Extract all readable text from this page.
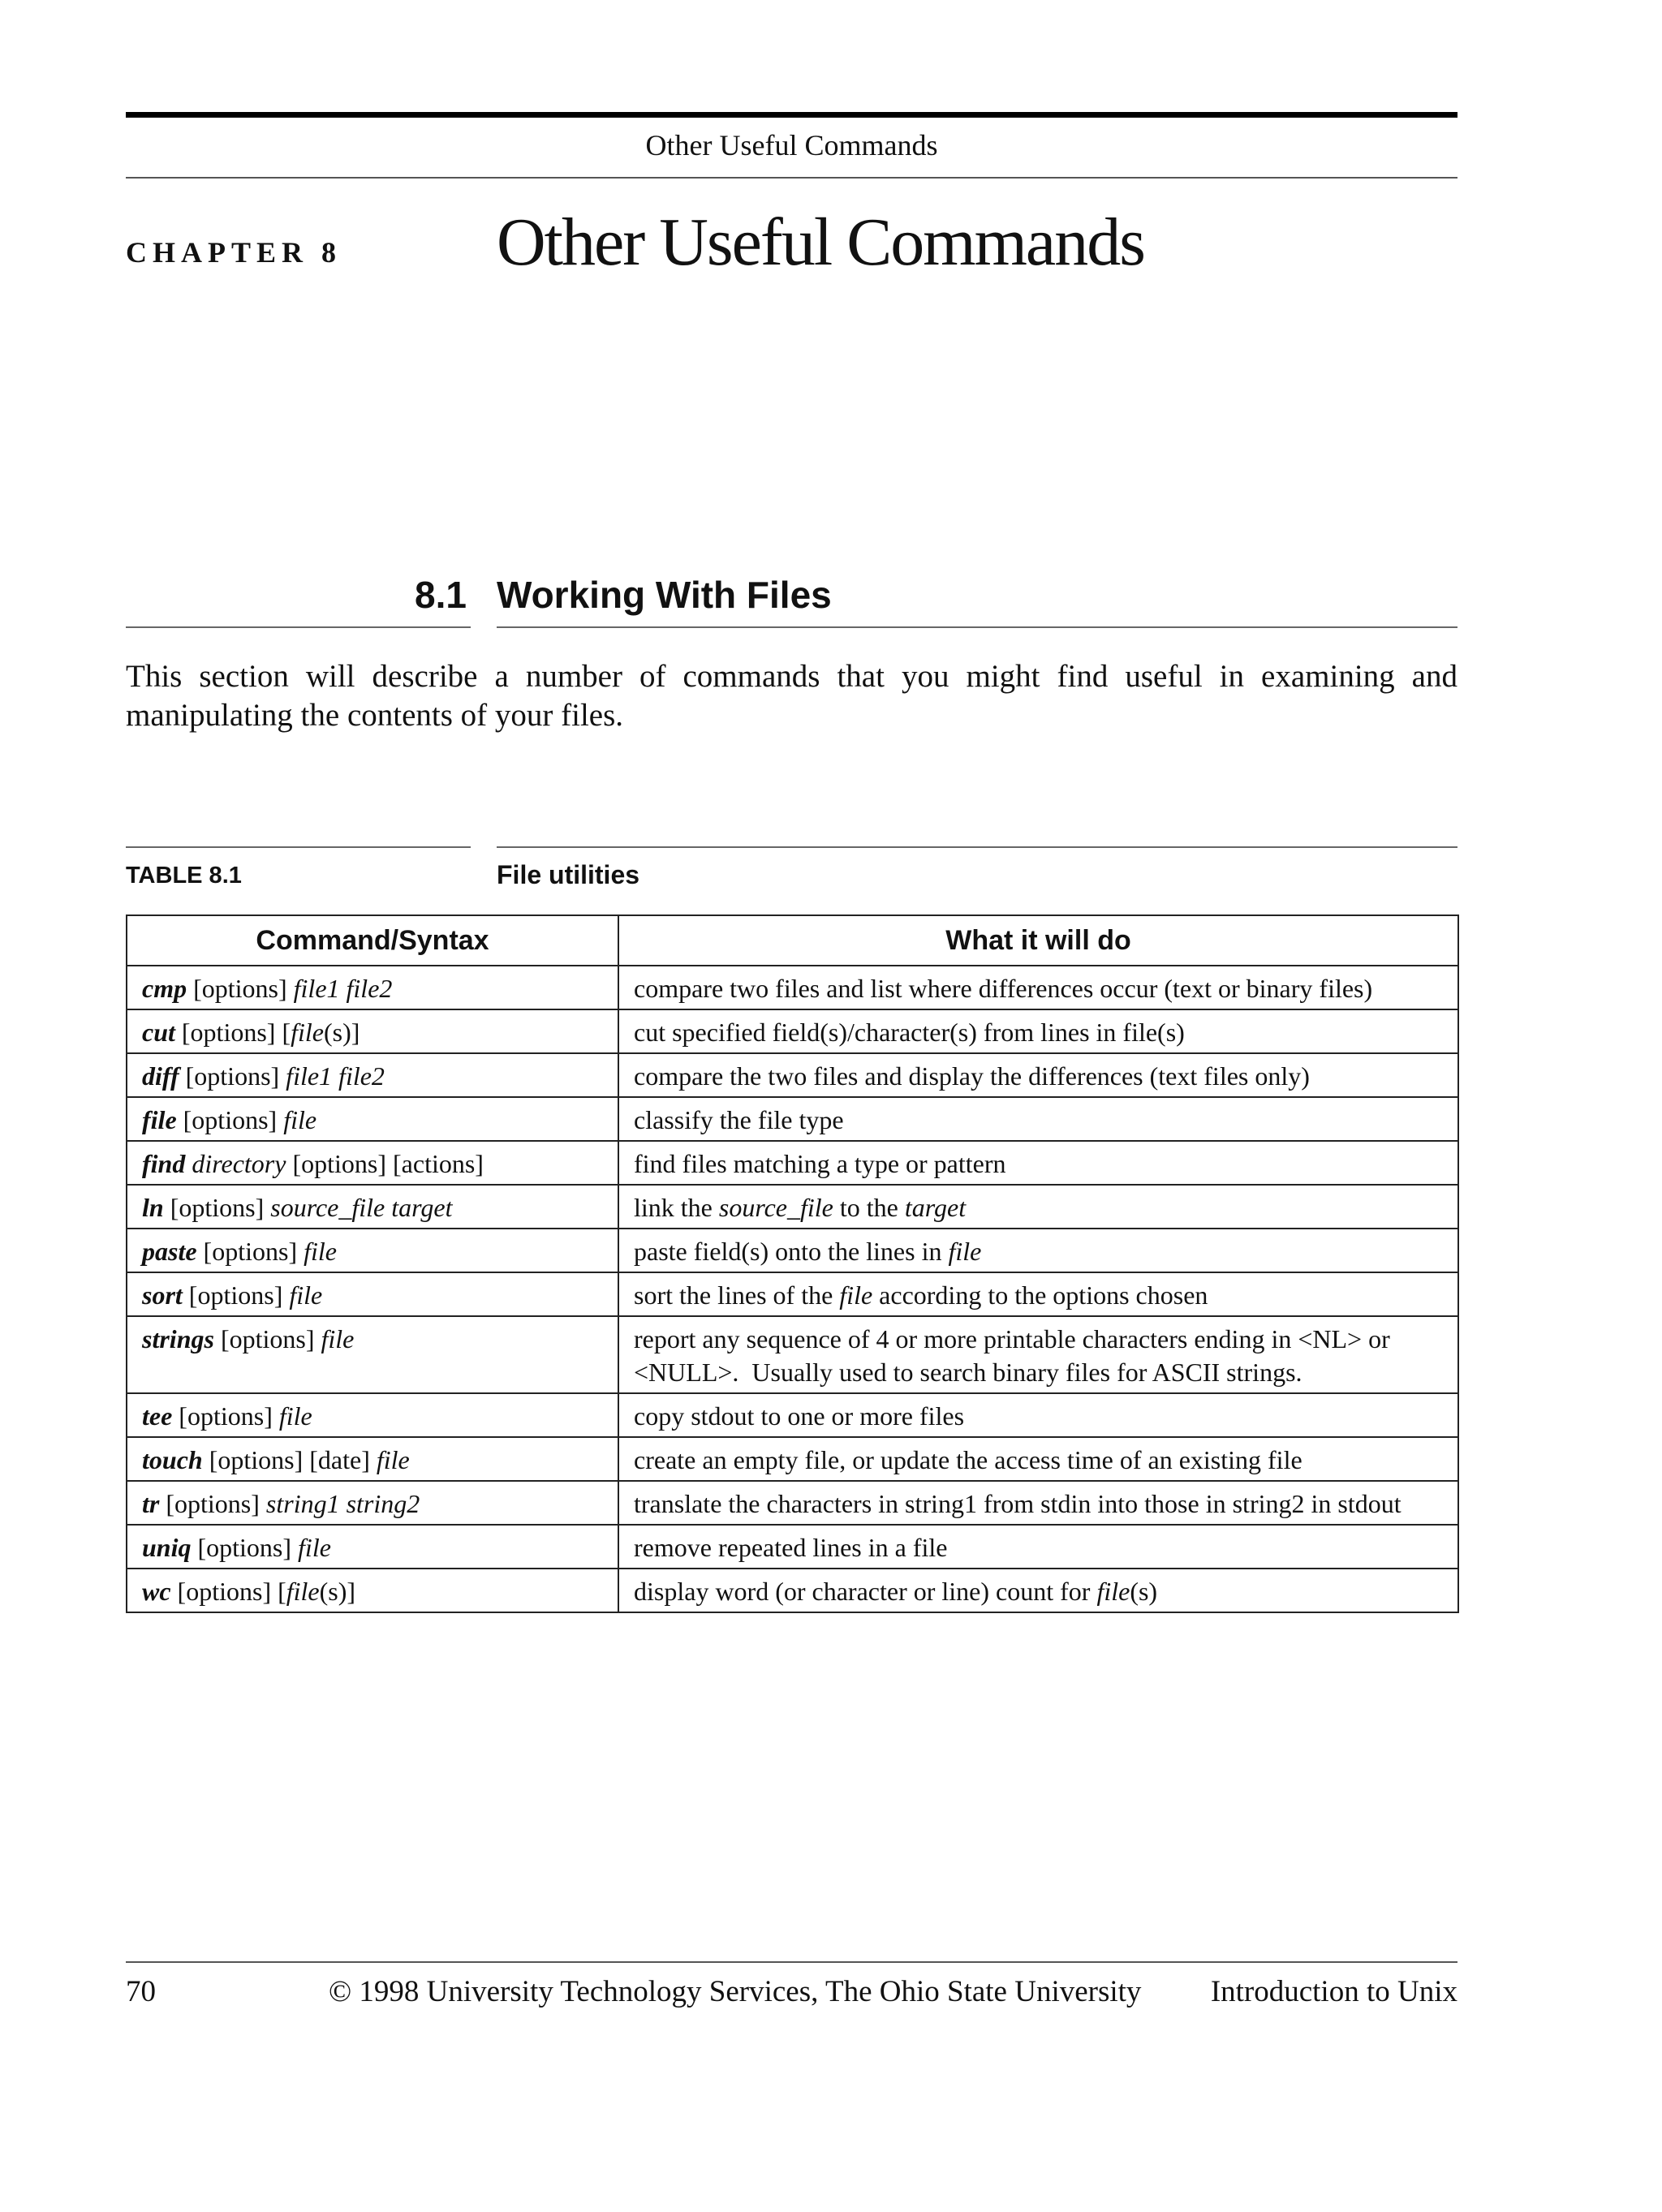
Other Useful Commands
CHAPTER 8 Other Useful Commands
8.1 Working With Files

This section will describe a number of commands that you might find useful in examining and manipulating the contents of your files.

TABLE 8.1	File utilities
Command/Syntax	What it will do
cmp [options] file1 file2	compare two files and list where differences occur (text or binary files)
cut [options] [file(s)]	cut specified field(s)/character(s) from lines in file(s)
diff [options] file1 file2	compare the two files and display the differences (text files only)
file [options] file	classify the file type
find directory [options] [actions]	find files matching a type or pattern
ln [options] source_file target	link the source_file to the target
paste [options] file	paste field(s) onto the lines in file
sort [options] file	sort the lines of the file according to the options chosen
strings [options] file	report any sequence of 4 or more printable characters ending in <NL> or <NULL>.  Usually used to search binary files for ASCII strings.
tee [options] file	copy stdout to one or more files
touch [options] [date] file	create an empty file, or update the access time of an existing file
tr [options] string1 string2	translate the characters in string1 from stdin into those in string2 in stdout
uniq [options] file	remove repeated lines in a file
wc [options] [file(s)]	display word (or character or line) count for file(s)
70	© 1998 University Technology Services, The Ohio State University Introduction to Unix
